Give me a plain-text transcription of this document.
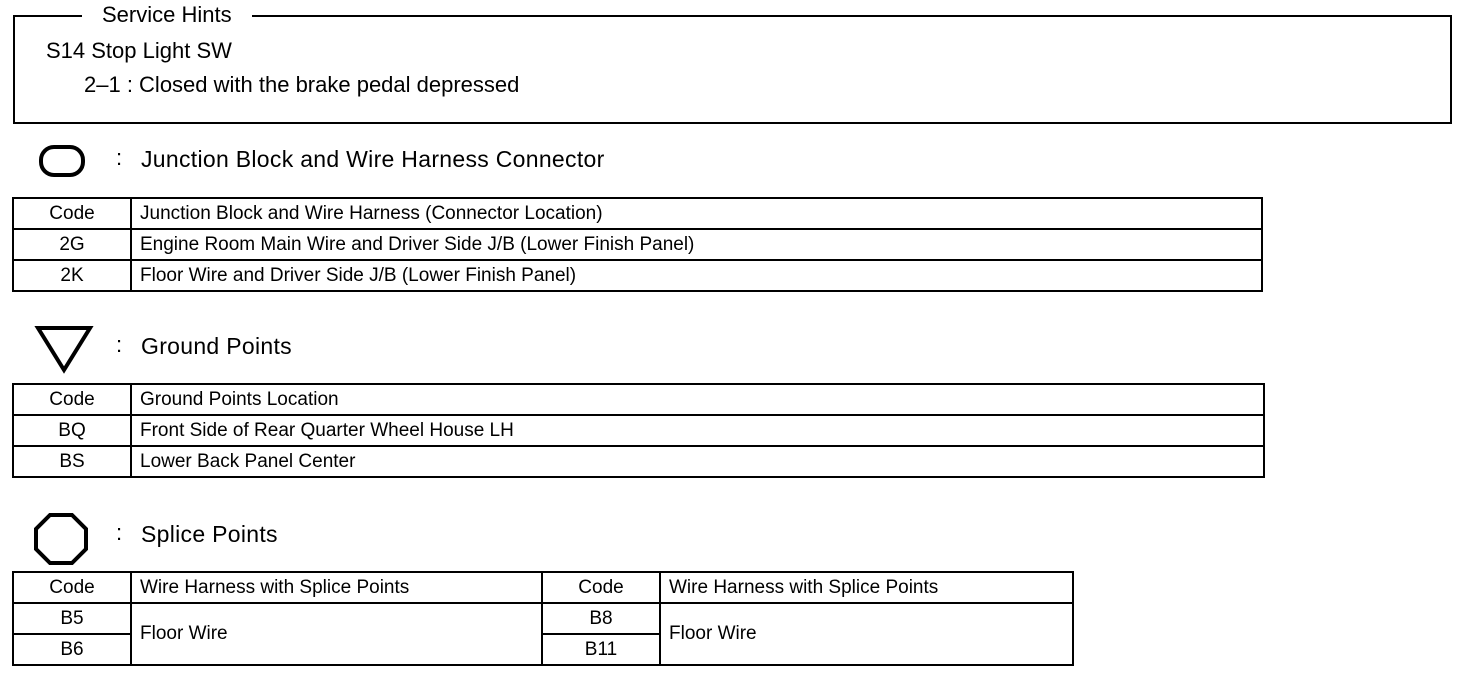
Service Hints
S14 Stop Light SW
2–1 : Closed with the brake pedal depressed
: Junction Block and Wire Harness Connector
Code	Junction Block and Wire Harness (Connector Location)
2G	Engine Room Main Wire and Driver Side J/B (Lower Finish Panel)
2K	Floor Wire and Driver Side J/B (Lower Finish Panel)
: Ground Points
Code	Ground Points Location
BQ	Front Side of Rear Quarter Wheel House LH
BS	Lower Back Panel Center
: Splice Points
Code	Wire Harness with Splice Points	Code	Wire Harness with Splice Points
B5	Floor Wire	B8	Floor Wire
B6		B11	
